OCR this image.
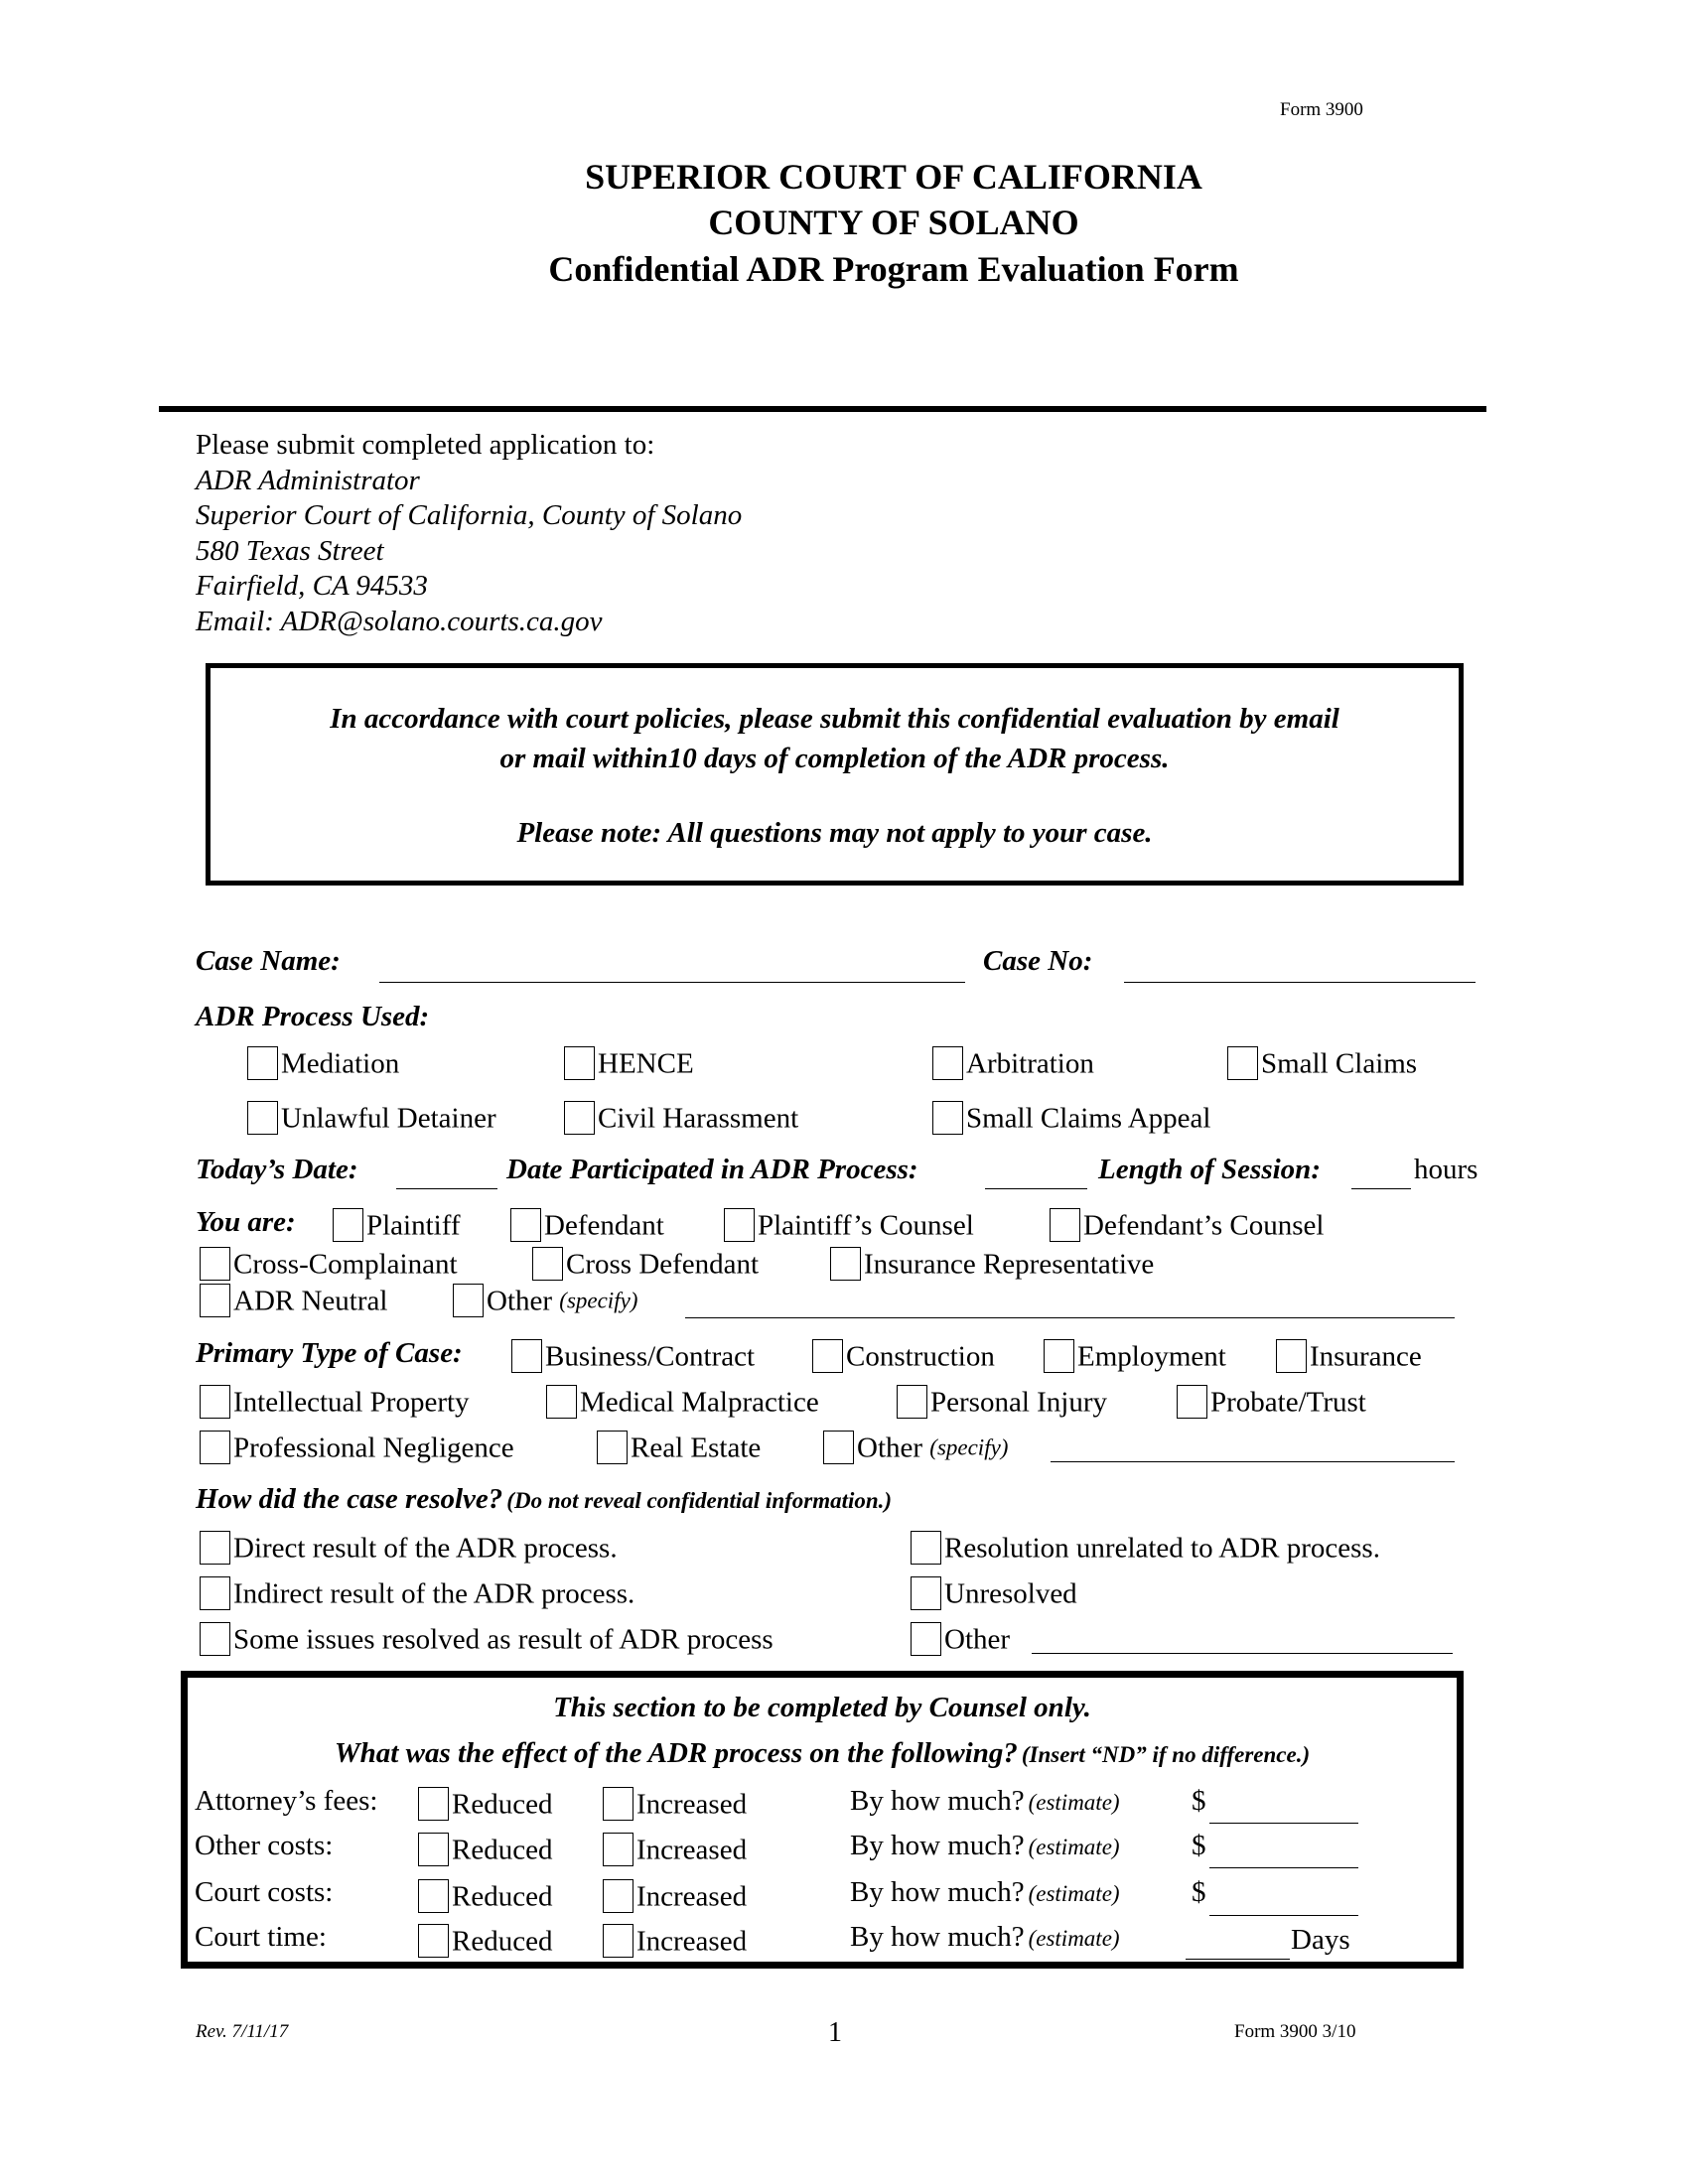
Form 3900
SUPERIOR COURT OF CALIFORNIA
COUNTY OF SOLANO
Confidential ADR Program Evaluation Form
Please submit completed application to:
ADR Administrator
Superior Court of California, County of Solano
580 Texas Street
Fairfield, CA 94533
Email: ADR@solano.courts.ca.gov
In accordance with court policies, please submit this confidential evaluation by email
or mail within10 days of completion of the ADR process.
Please note: All questions may not apply to your case.
Case Name:	Case No:
ADR Process Used:
Mediation	HENCE	Arbitration	Small Claims
Unlawful Detainer	Civil Harassment	Small Claims Appeal
Today’s Date:	Date Participated in ADR Process:	Length of Session:	hours
You are:	Plaintiff	Defendant	Plaintiff’s Counsel	Defendant’s Counsel
Cross-Complainant	Cross Defendant	Insurance Representative
ADR Neutral	Other (specify)
Primary Type of Case:	Business/Contract	Construction	Employment	Insurance
Intellectual Property	Medical Malpractice	Personal Injury	Probate/Trust
Professional Negligence	Real Estate	Other (specify)
How did the case resolve? (Do not reveal confidential information.)
Direct result of the ADR process.
Indirect result of the ADR process.
Some issues resolved as result of ADR process
Resolution unrelated to ADR process.
Unresolved
Other
This section to be completed by Counsel only.
What was the effect of the ADR process on the following? (Insert “ND” if no difference.)
Attorney’s fees:	Reduced	Increased	By how much? (estimate) $
Other costs:	Reduced	Increased	By how much? (estimate) $
Court costs:	Reduced	Increased	By how much? (estimate) $
Court time:	Reduced	Increased	By how much? (estimate)	Days
Rev. 7/11/17	1	Form 3900 3/10
